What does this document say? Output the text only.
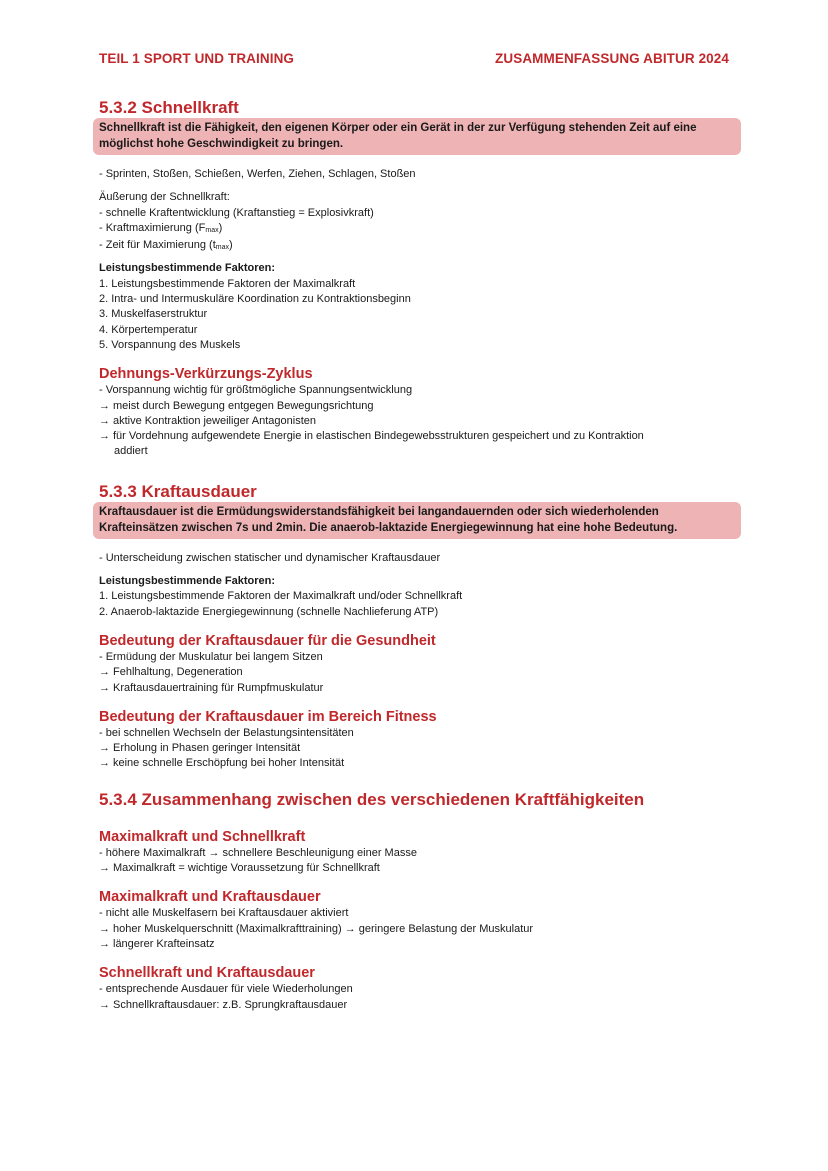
TEIL 1 SPORT UND TRAINING	ZUSAMMENFASSUNG ABITUR 2024
5.3.2 Schnellkraft
Schnellkraft ist die Fähigkeit, den eigenen Körper oder ein Gerät in der zur Verfügung stehenden Zeit auf eine möglichst hohe Geschwindigkeit zu bringen.
- Sprinten, Stoßen, Schießen, Werfen, Ziehen, Schlagen, Stoßen
Äußerung der Schnellkraft:
- schnelle Kraftentwicklung (Kraftanstieg = Explosivkraft)
- Kraftmaximierung (Fmax)
- Zeit für Maximierung (tmax)
Leistungsbestimmende Faktoren:
1. Leistungsbestimmende Faktoren der Maximalkraft
2. Intra- und Intermuskuläre Koordination zu Kontraktionsbeginn
3. Muskelfaserstruktur
4. Körpertemperatur
5. Vorspannung des Muskels
Dehnungs-Verkürzungs-Zyklus
- Vorspannung wichtig für größtmögliche Spannungsentwicklung
→ meist durch Bewegung entgegen Bewegungsrichtung
→ aktive Kontraktion jeweiliger Antagonisten
→ für Vordehnung aufgewendete Energie in elastischen Bindegewebsstrukturen gespeichert und zu Kontraktion
addiert
5.3.3 Kraftausdauer
Kraftausdauer ist die Ermüdungswiderstandsfähigkeit bei langandauernden oder sich wiederholenden Krafteinsätzen zwischen 7s und 2min. Die anaerob-laktazide Energiegewinnung hat eine hohe Bedeutung.
- Unterscheidung zwischen statischer und dynamischer Kraftausdauer
Leistungsbestimmende Faktoren:
1. Leistungsbestimmende Faktoren der Maximalkraft und/oder Schnellkraft
2. Anaerob-laktazide Energiegewinnung (schnelle Nachlieferung ATP)
Bedeutung der Kraftausdauer für die Gesundheit
- Ermüdung der Muskulatur bei langem Sitzen
→ Fehlhaltung, Degeneration
→ Kraftausdauertraining für Rumpfmuskulatur
Bedeutung der Kraftausdauer im Bereich Fitness
- bei schnellen Wechseln der Belastungsintensitäten
→ Erholung in Phasen geringer Intensität
→ keine schnelle Erschöpfung bei hoher Intensität
5.3.4 Zusammenhang zwischen des verschiedenen Kraftfähigkeiten
Maximalkraft und Schnellkraft
- höhere Maximalkraft → schnellere Beschleunigung einer Masse
→ Maximalkraft = wichtige Voraussetzung für Schnellkraft
Maximalkraft und Kraftausdauer
- nicht alle Muskelfasern bei Kraftausdauer aktiviert
→ hoher Muskelquerschnitt (Maximalkrafttraining) → geringere Belastung der Muskulatur
→ längerer Krafteinsatz
Schnellkraft und Kraftausdauer
- entsprechende Ausdauer für viele Wiederholungen
→ Schnellkraftausdauer: z.B. Sprungkraftausdauer
